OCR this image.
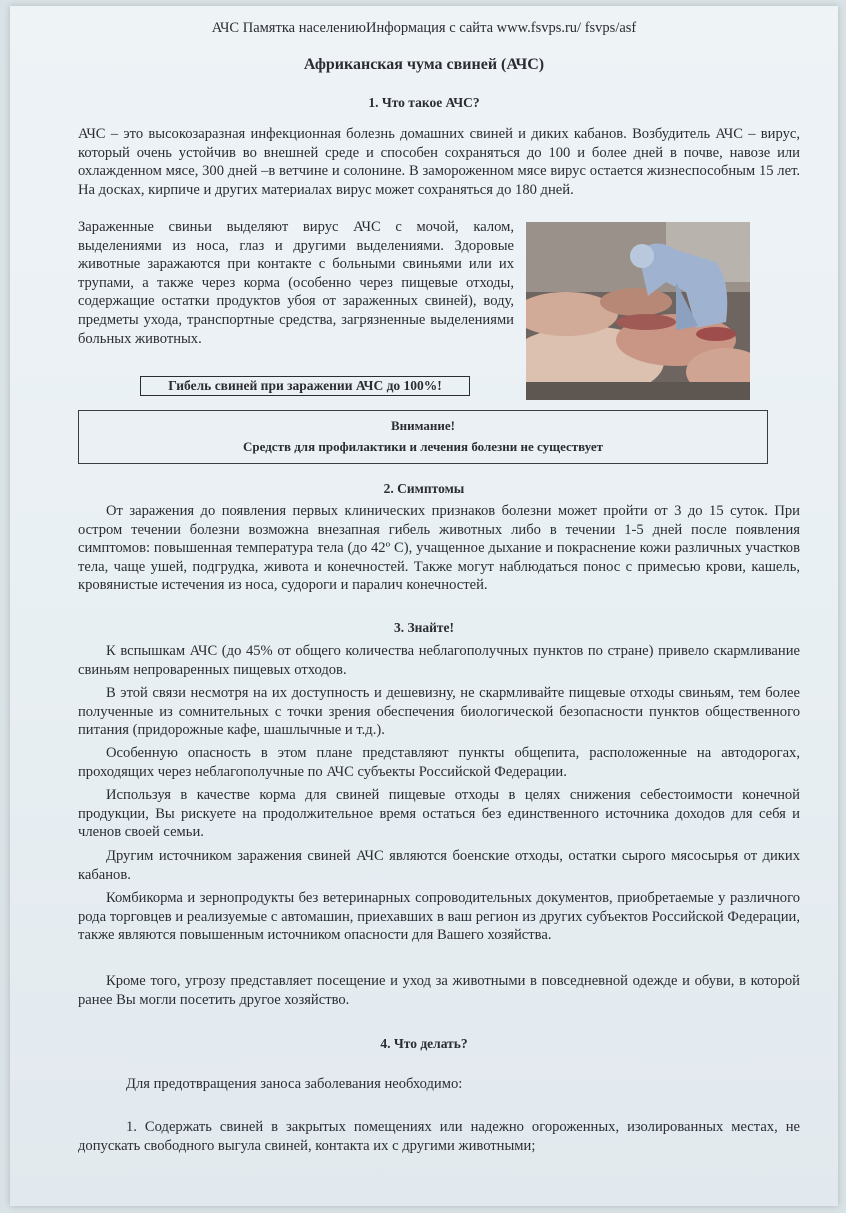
АЧС Памятка населениюИнформация с сайта www.fsvps.ru/ fsvps/asf
Африканская чума свиней (АЧС)
1. Что такое АЧС?

АЧС – это высокозаразная инфекционная болезнь домашних свиней и диких кабанов. Возбудитель АЧС – вирус, который очень устойчив во внешней среде и способен сохраняться до 100 и более дней в почве, навозе или охлажденном мясе, 300 дней –в ветчине и солонине. В замороженном мясе вирус остается жизнеспособным 15 лет. На досках, кирпиче и других материалах вирус может сохраняться до 180 дней.

Зараженные свиньи выделяют вирус АЧС с мочой, калом, выделениями из носа, глаз и другими выделениями. Здоровые животные заражаются при контакте с больными свиньями или их трупами, а также через корма (особенно через пищевые отходы, содержащие остатки продуктов убоя от зараженных свиней), воду, предметы ухода, транспортные средства, загрязненные выделениями больных животных.

Гибель свиней при заражении АЧС до 100%!
Внимание!
Средств для профилактики и лечения болезни не существует
2. Симптомы

От заражения до появления первых клинических признаков болезни может пройти от 3 до 15 суток. При остром течении болезни возможна внезапная гибель животных либо в течении 1-5 дней после появления симптомов: повышенная температура тела (до 42º С), учащенное дыхание и покраснение кожи различных участков тела, чаще ушей, подгрудка, живота и конечностей. Также могут наблюдаться понос с примесью крови, кашель, кровянистые истечения из носа, судороги и паралич конечностей.

3. Знайте!

К вспышкам АЧС (до 45% от общего количества неблагополучных пунктов по стране) привело скармливание свиньям непроваренных пищевых отходов.

В этой связи несмотря на их доступность и дешевизну, не скармливайте пищевые отходы свиньям, тем более полученные из сомнительных с точки зрения обеспечения биологической безопасности пунктов общественного питания (придорожные кафе, шашлычные и т.д.).

Особенную опасность в этом плане представляют пункты общепита, расположенные на автодорогах, проходящих через неблагополучные по АЧС субъекты Российской Федерации.

Используя в качестве корма для свиней пищевые отходы в целях снижения себестоимости конечной продукции, Вы рискуете на продолжительное время остаться без единственного источника доходов для себя и членов своей семьи.

Другим источником заражения свиней АЧС являются боенские отходы, остатки сырого мясосырья от диких кабанов.

Комбикорма и зернопродукты без ветеринарных сопроводительных документов, приобретаемые у различного рода торговцев и реализуемые с автомашин, приехавших в ваш регион из других субъектов Российской Федерации, также являются повышенным источником опасности для Вашего хозяйства.

Кроме того, угрозу представляет посещение и уход за животными в повседневной одежде и обуви, в которой ранее Вы могли посетить другое хозяйство.

4. Что делать?

Для предотвращения заноса заболевания необходимо:

1. Содержать свиней в закрытых помещениях или надежно огороженных, изолированных местах, не допускать свободного выгула свиней, контакта их с другими животными;
